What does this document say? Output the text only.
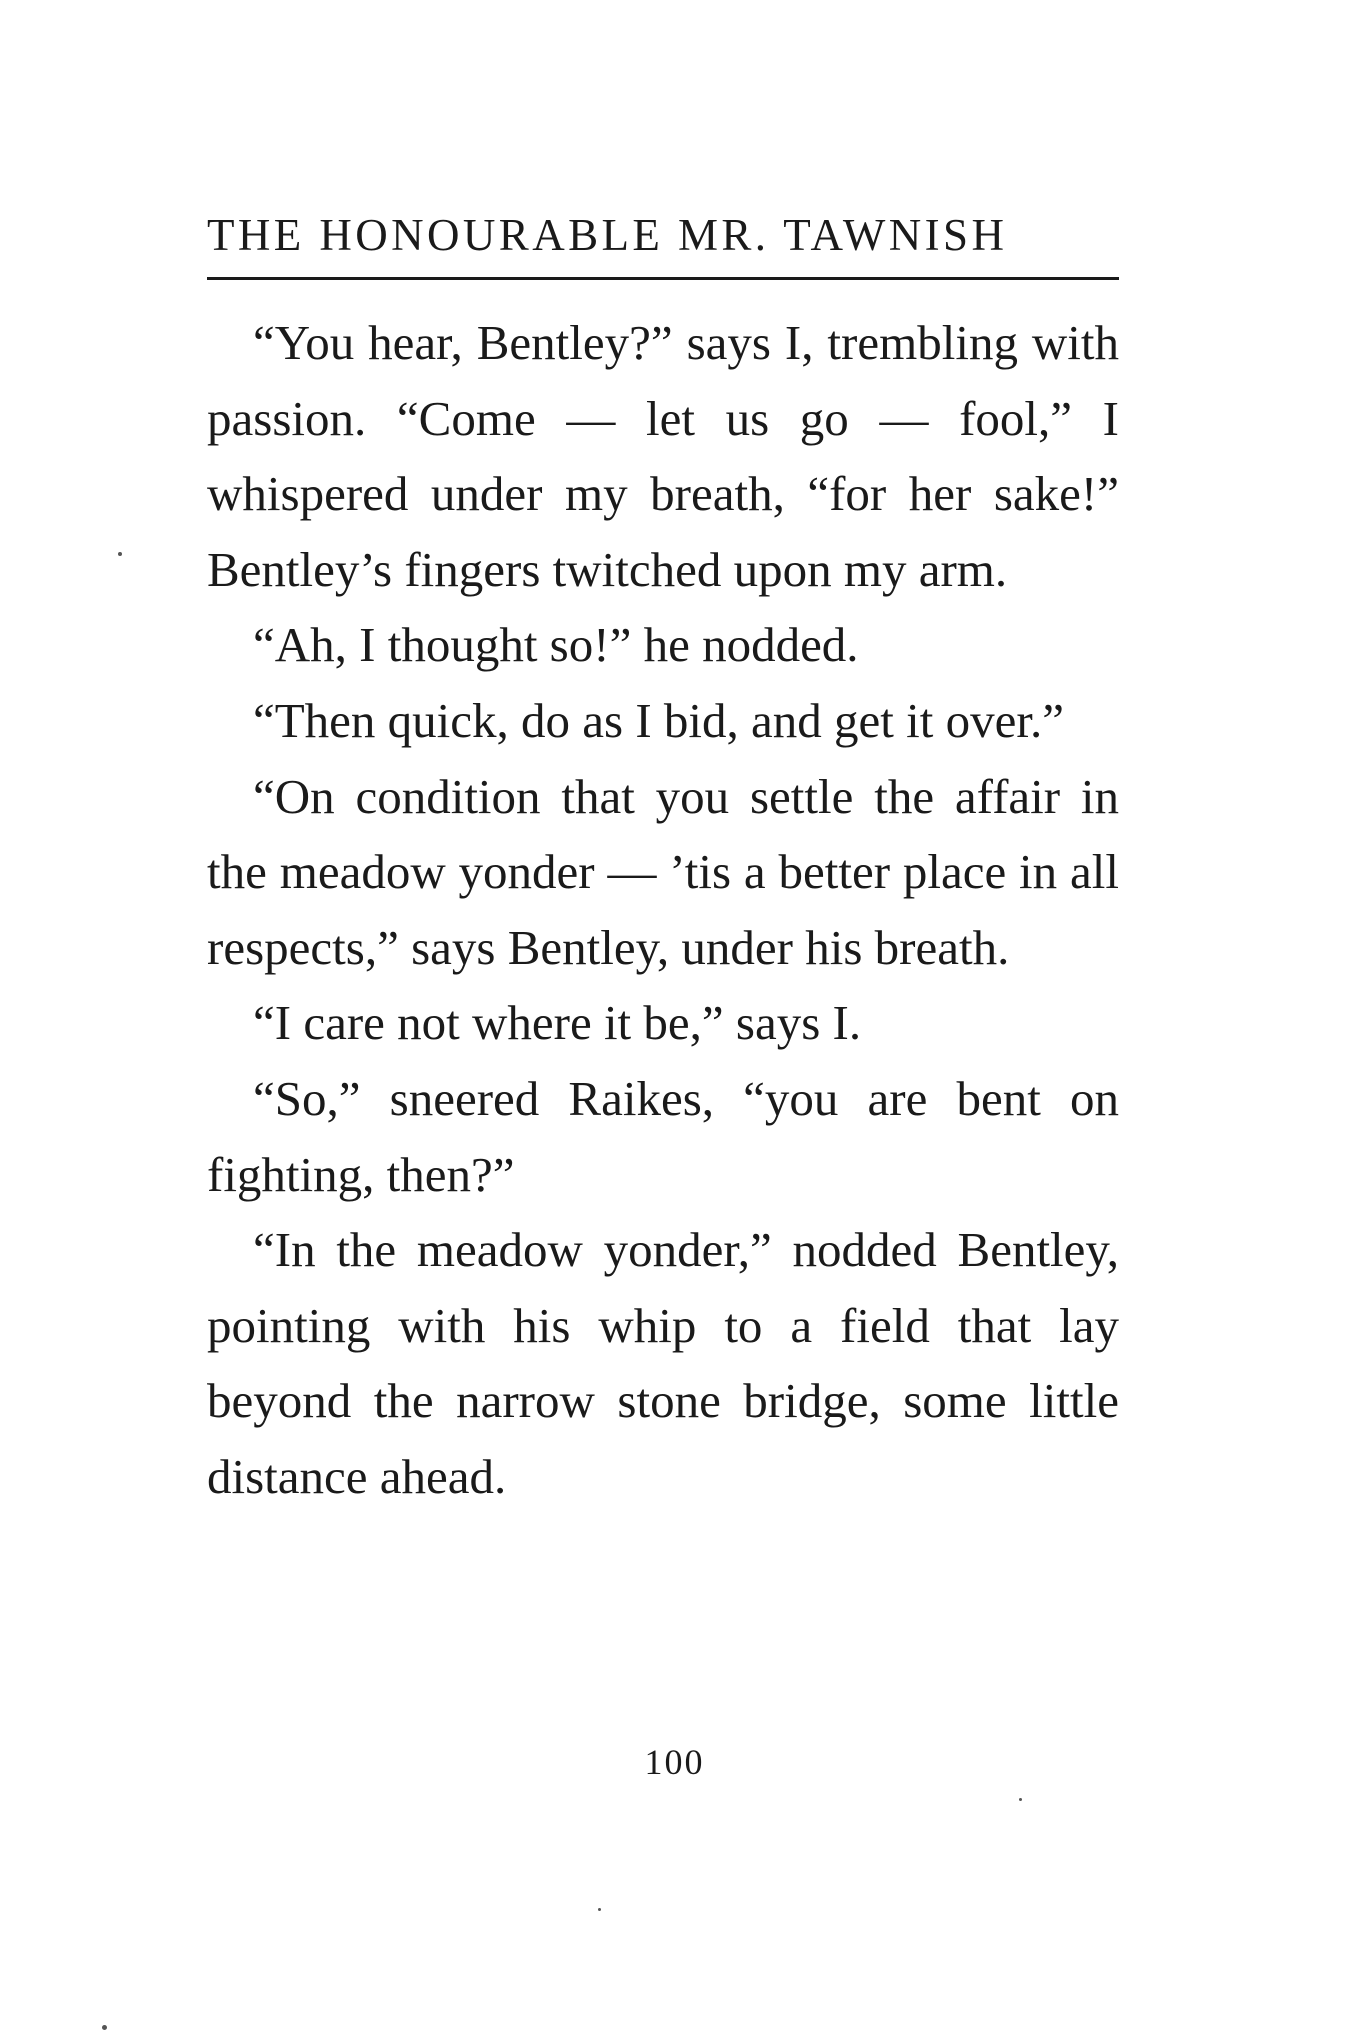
THE HONOURABLE MR. TAWNISH

“You hear, Bentley?” says I, trembling with passion. “Come — let us go — fool,” I whispered under my breath, “for her sake!” Bentley’s fingers twitched upon my arm.

“Ah, I thought so!” he nodded.

“Then quick, do as I bid, and get it over.”

“On condition that you settle the affair in the meadow yonder — ’tis a better place in all respects,” says Bentley, under his breath.

“I care not where it be,” says I.

“So,” sneered Raikes, “you are bent on fighting, then?”

“In the meadow yonder,” nodded Bentley, pointing with his whip to a field that lay beyond the narrow stone bridge, some little distance ahead.

100
